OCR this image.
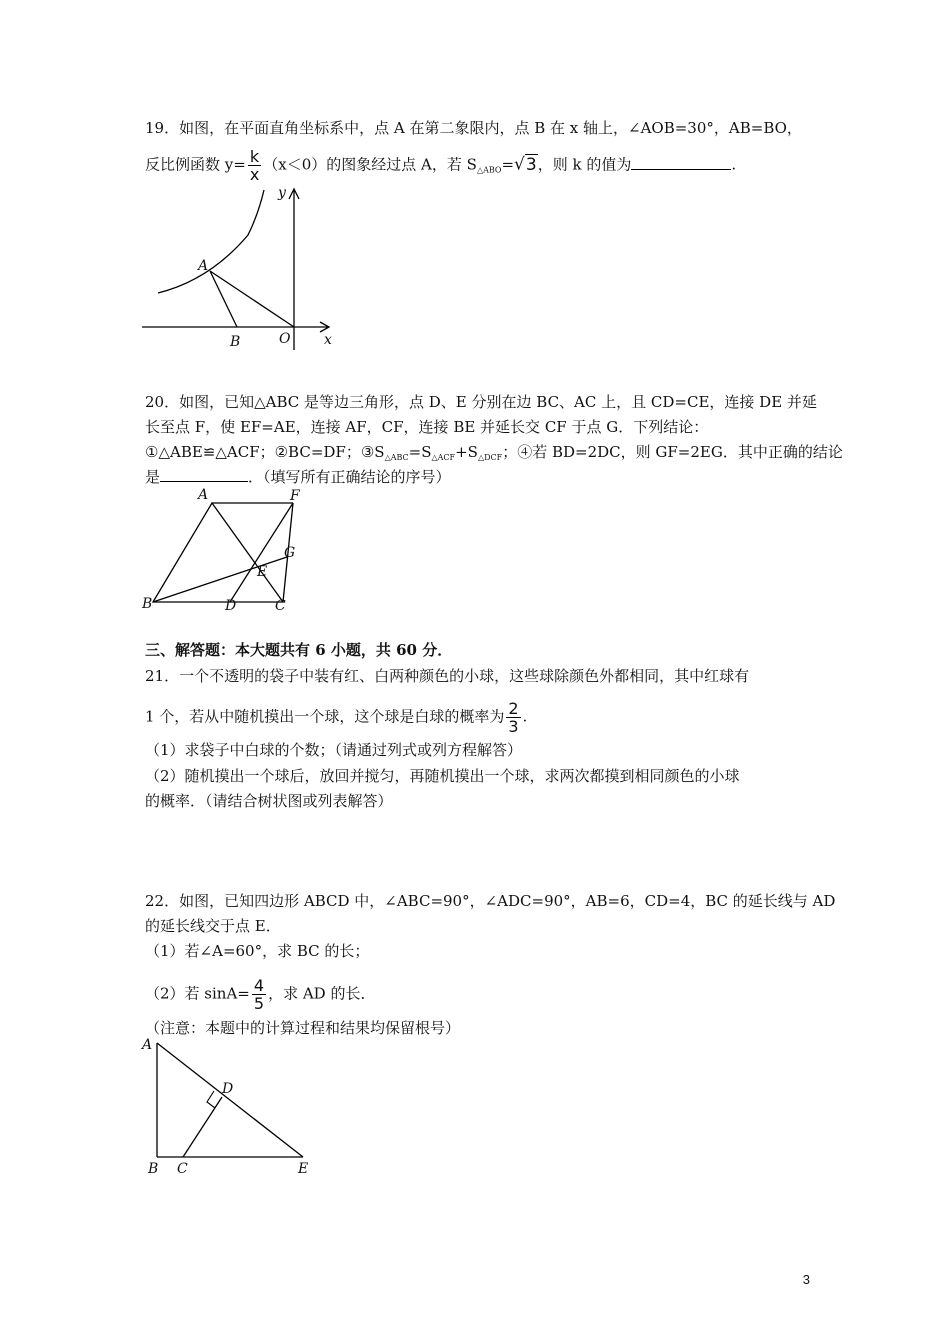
19．如图，在平面直角坐标系中，点 A 在第二象限内，点 B 在 x 轴上，∠AOB=30°，AB=BO，
反比例函数 $y= \frac{k}{x} (x<0)$的图象经过点 A，若 $S_{\triangle ABO}=√3$，则 k 的值为	.
A
B	O x
y
20．如图，已知△ABC 是等边三角形，点 D、E 分别在边 BC、AC 上，且 CD=CE，连接 DE 并延
长至点 F，使 EF=AE，连接 AF，CF，连接 BE 并延长交 CF 于点 G．下列结论：
①△ABE≌△ACF；②BC=DF；$③S_{\triangle ABC}=S_{\triangle ACF}+S_{\triangle DCF}$；④若 BD=2DC，则 GF=2EG．其中正确的结论
是	．（填写所有正确结论的序号）
A	F
G
E
B	D	C
三、解答题：本大题共有 6 小题，共 60 分．
21．一个不透明的袋子中装有红、白两种颜色的小球，这些球除颜色外都相同，其中红球有
1 个，若从中随机摸出一个球，这个球是白球的概率为 $\frac{2}{3}$ .
（1）求袋子中白球的个数；（请通过列式或列方程解答）
（2）随机摸出一个球后，放回并搅匀，再随机摸出一个球，求两次都摸到相同颜色的小球
的概率．（请结合树状图或列表解答）
22．如图，已知四边形 ABCD 中，∠ABC=90°，∠ADC=90°，AB=6，CD=4，BC 的延长线与 AD
的延长线交于点 E．
（1）若∠A=60°，求 BC 的长；
（2）若 $\sin A= \frac{4}{5}$ ，求 AD 的长．
（注意：本题中的计算过程和结果均保留根号）
A
D
B C	E
3
